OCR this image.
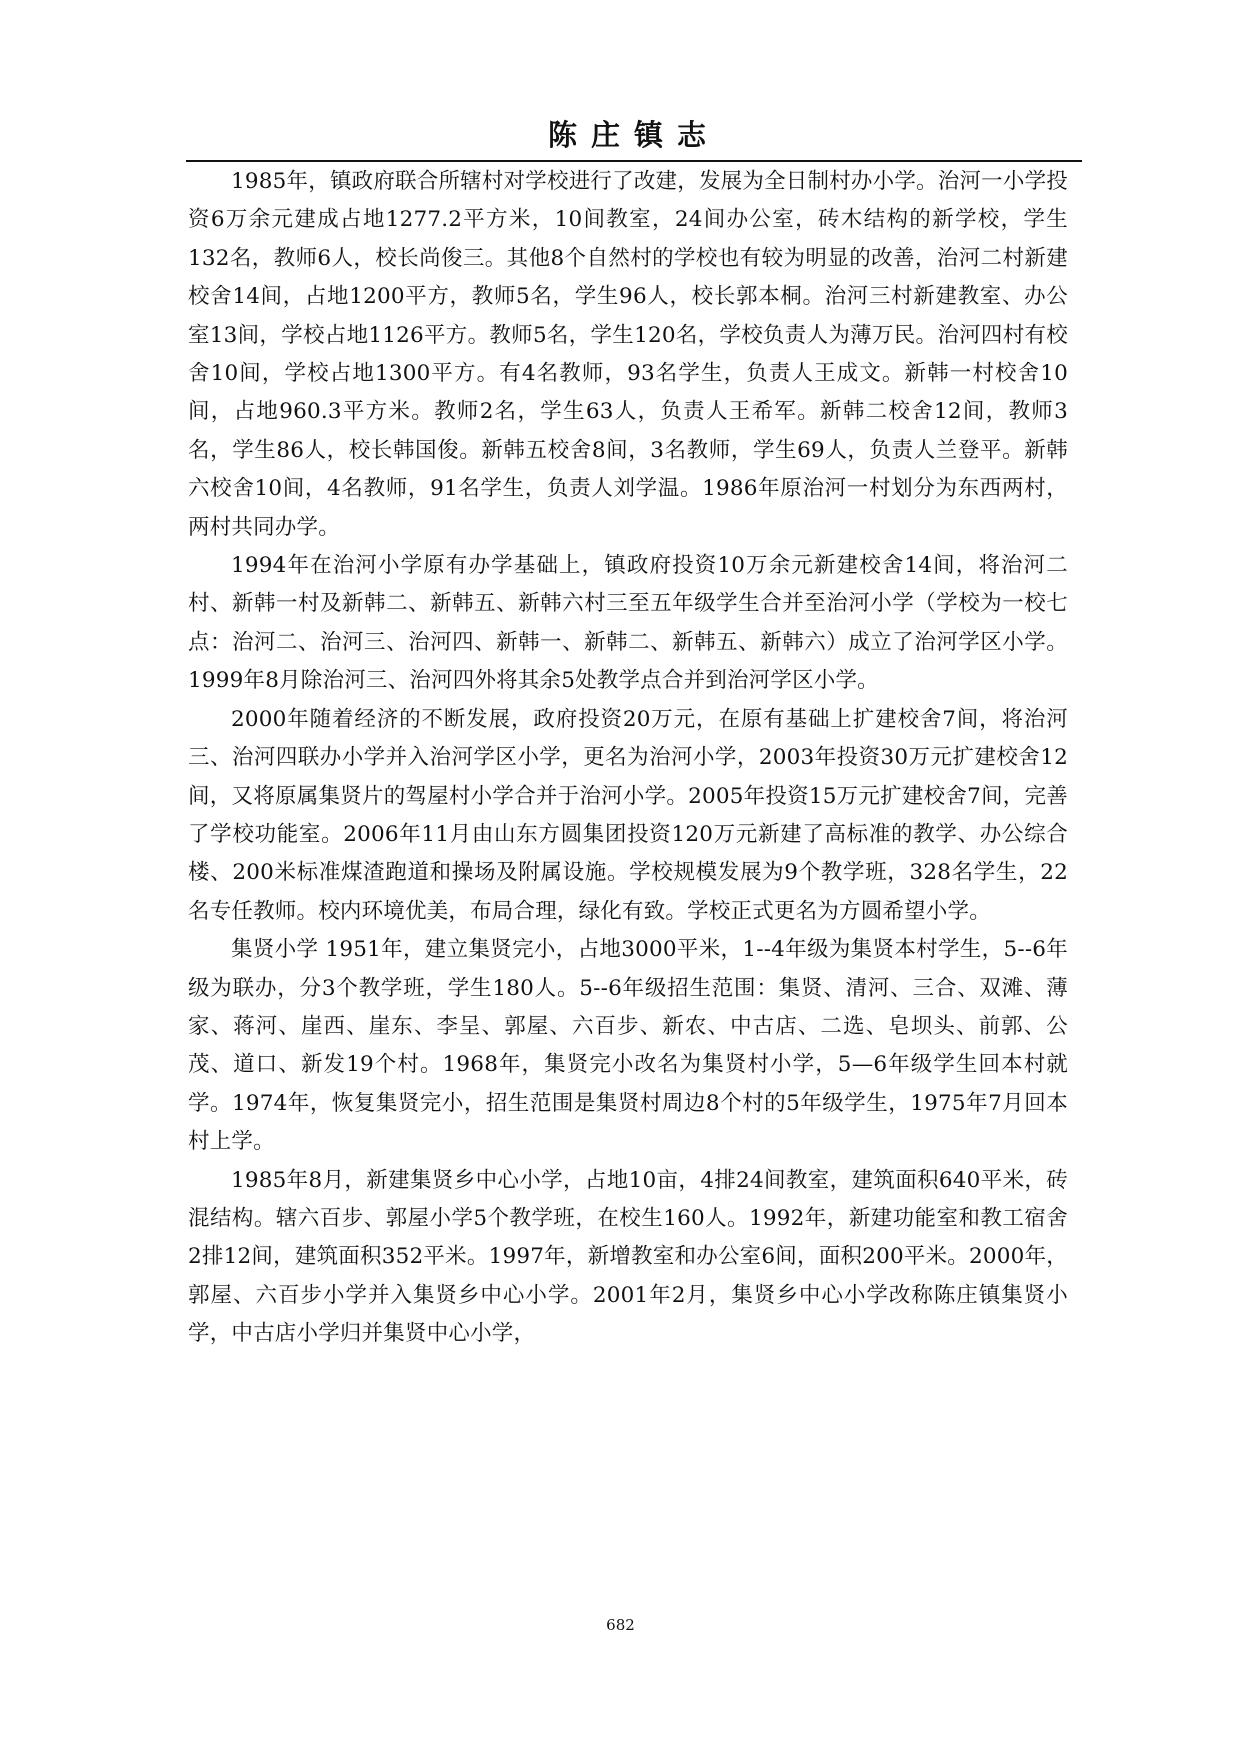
陈庄镇志

1985年，镇政府联合所辖村对学校进行了改建，发展为全日制村办小学。治河一小学投资6万余元建成占地1277.2平方米，10间教室，24间办公室，砖木结构的新学校，学生132名，教师6人，校长尚俊三。其他8个自然村的学校也有较为明显的改善，治河二村新建校舍14间，占地1200平方，教师5名，学生96人，校长郭本桐。治河三村新建教室、办公室13间，学校占地1126平方。教师5名，学生120名，学校负责人为薄万民。治河四村有校舍10间，学校占地1300平方。有4名教师，93名学生，负责人王成文。新韩一村校舍10间，占地960.3平方米。教师2名，学生63人，负责人王希军。新韩二校舍12间，教师3名，学生86人，校长韩国俊。新韩五校舍8间，3名教师，学生69人，负责人兰登平。新韩六校舍10间，4名教师，91名学生，负责人刘学温。1986年原治河一村划分为东西两村，两村共同办学。

1994年在治河小学原有办学基础上，镇政府投资10万余元新建校舍14间，将治河二村、新韩一村及新韩二、新韩五、新韩六村三至五年级学生合并至治河小学（学校为一校七点：治河二、治河三、治河四、新韩一、新韩二、新韩五、新韩六）成立了治河学区小学。1999年8月除治河三、治河四外将其余5处教学点合并到治河学区小学。

2000年随着经济的不断发展，政府投资20万元，在原有基础上扩建校舍7间，将治河三、治河四联办小学并入治河学区小学，更名为治河小学，2003年投资30万元扩建校舍12间，又将原属集贤片的驾屋村小学合并于治河小学。2005年投资15万元扩建校舍7间，完善了学校功能室。2006年11月由山东方圆集团投资120万元新建了高标准的教学、办公综合楼、200米标准煤渣跑道和操场及附属设施。学校规模发展为9个教学班，328名学生，22名专任教师。校内环境优美，布局合理，绿化有致。学校正式更名为方圆希望小学。

集贤小学 1951年，建立集贤完小，占地3000平米，1--4年级为集贤本村学生，5--6年级为联办，分3个教学班，学生180人。5--6年级招生范围：集贤、清河、三合、双滩、薄家、蒋河、崖西、崖东、李呈、郭屋、六百步、新农、中古店、二选、皂坝头、前郭、公茂、道口、新发19个村。1968年，集贤完小改名为集贤村小学，5—6年级学生回本村就学。1974年，恢复集贤完小，招生范围是集贤村周边8个村的5年级学生，1975年7月回本村上学。

1985年8月，新建集贤乡中心小学，占地10亩，4排24间教室，建筑面积640平米，砖混结构。辖六百步、郭屋小学5个教学班，在校生160人。1992年，新建功能室和教工宿舍2排12间，建筑面积352平米。1997年，新增教室和办公室6间，面积200平米。2000年，郭屋、六百步小学并入集贤乡中心小学。2001年2月，集贤乡中心小学改称陈庄镇集贤小学，中古店小学归并集贤中心小学，

682
